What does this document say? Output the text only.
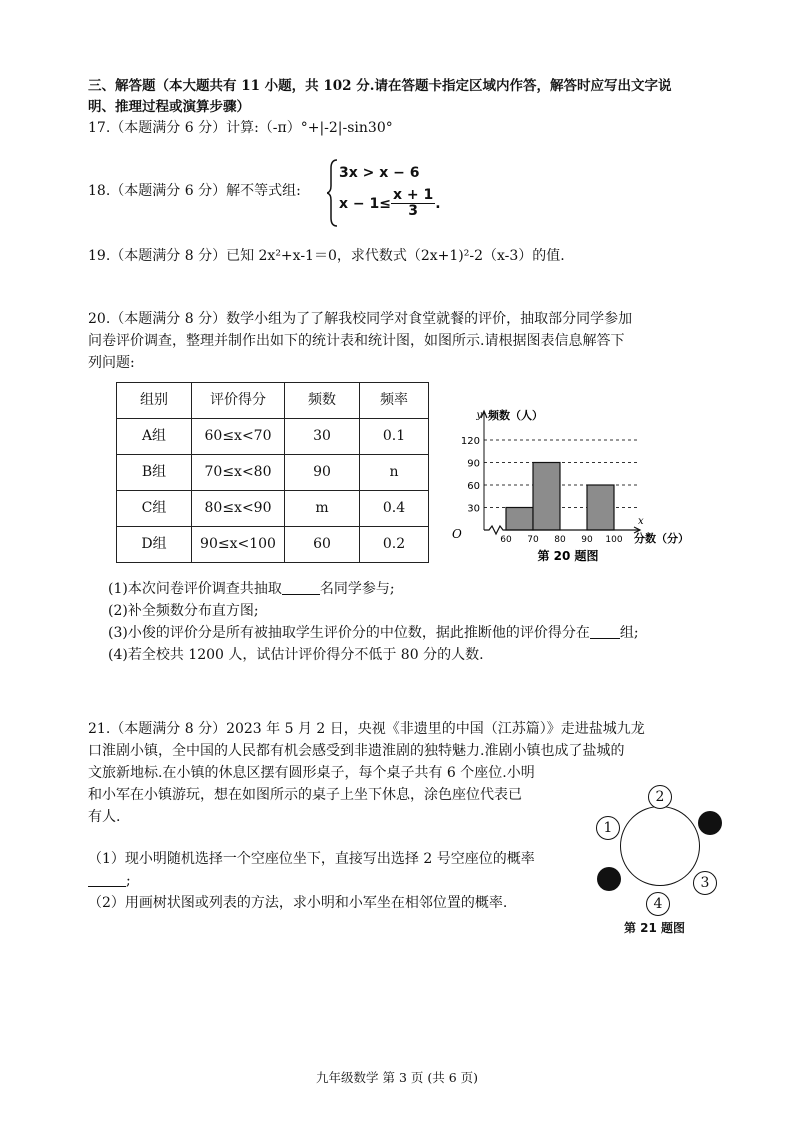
三、解答题（本大题共有 11 小题，共 102 分.请在答题卡指定区域内作答，解答时应写出文字说
明、推理过程或演算步骤）
17.（本题满分 6 分）计算:（-π）°+|-2|-sin30°
18.（本题满分 6 分）解不等式组:
3x > x − 6
$x - 1\le \frac{x + 1}{3}$ .
19.（本题满分 8 分）已知 2x²+x-1＝0，求代数式（2x+1)²-2（x-3）的值.
20.（本题满分 8 分）数学小组为了了解我校同学对食堂就餐的评价，抽取部分同学参加
问卷评价调查，整理并制作出如下的统计表和统计图，如图所示.请根据图表信息解答下
列问题:
组别	评价得分	频数	频率
A组	60≤x<70	30	0.1
B组	70≤x<80	90	n
C组	80≤x<90	m	0.4
D组	90≤x<100	60	0.2
30
60
90
120
y 频数（人）
x
分数（分）
O	60 70 80 90 100
第 20 题图
(1)本次问卷评价调查共抽取	名同学参与;
(2)补全频数分布直方图;
(3)小俊的评价分是所有被抽取学生评价分的中位数，据此推断他的评价得分在 组;
(4)若全校共 1200 人，试估计评价得分不低于 80 分的人数.
21.（本题满分 8 分）2023 年 5 月 2 日，央视《非遗里的中国（江苏篇）》走进盐城九龙
口淮剧小镇，全中国的人民都有机会感受到非遗淮剧的独特魅力.淮剧小镇也成了盐城的
文旅新地标.在小镇的休息区摆有圆形桌子，每个桌子共有 6 个座位.小明
和小军在小镇游玩，想在如图所示的桌子上坐下休息，涂色座位代表已
有人.
（1）现小明随机选择一个空座位坐下，直接写出选择 2 号空座位的概率
;
（2）用画树状图或列表的方法，求小明和小军坐在相邻位置的概率.
2
1
3
4
第 21 题图
九年级数学 第 3 页 (共 6 页)
